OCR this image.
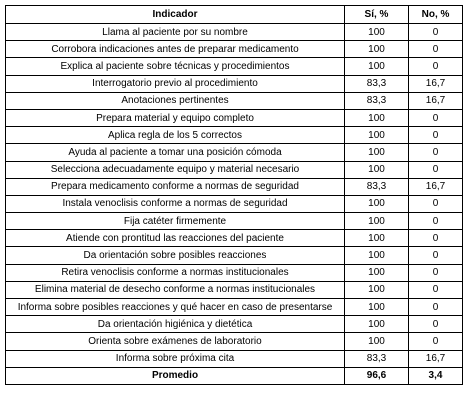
Indicador	Sí, %	No, %
Llama al paciente por su nombre	100	0
Corrobora indicaciones antes de preparar medicamento	100	0
Explica al paciente sobre técnicas y procedimientos	100	0
Interrogatorio previo al procedimiento	83,3	16,7
Anotaciones pertinentes	83,3	16,7
Prepara material y equipo completo	100	0
Aplica regla de los 5 correctos	100	0
Ayuda al paciente a tomar una posición cómoda	100	0
Selecciona adecuadamente equipo y material necesario	100	0
Prepara medicamento conforme a normas de seguridad	83,3	16,7
Instala venoclisis conforme a normas de seguridad	100	0
Fija catéter firmemente	100	0
Atiende con prontitud las reacciones del paciente	100	0
Da orientación sobre posibles reacciones	100	0
Retira venoclisis conforme a normas institucionales	100	0
Elimina material de desecho conforme a normas institucionales	100	0
Informa sobre posibles reacciones y qué hacer en caso de presentarse	100	0
Da orientación higiénica y dietética	100	0
Orienta sobre exámenes de laboratorio	100	0
Informa sobre próxima cita	83,3	16,7
Promedio	96,6	3,4
